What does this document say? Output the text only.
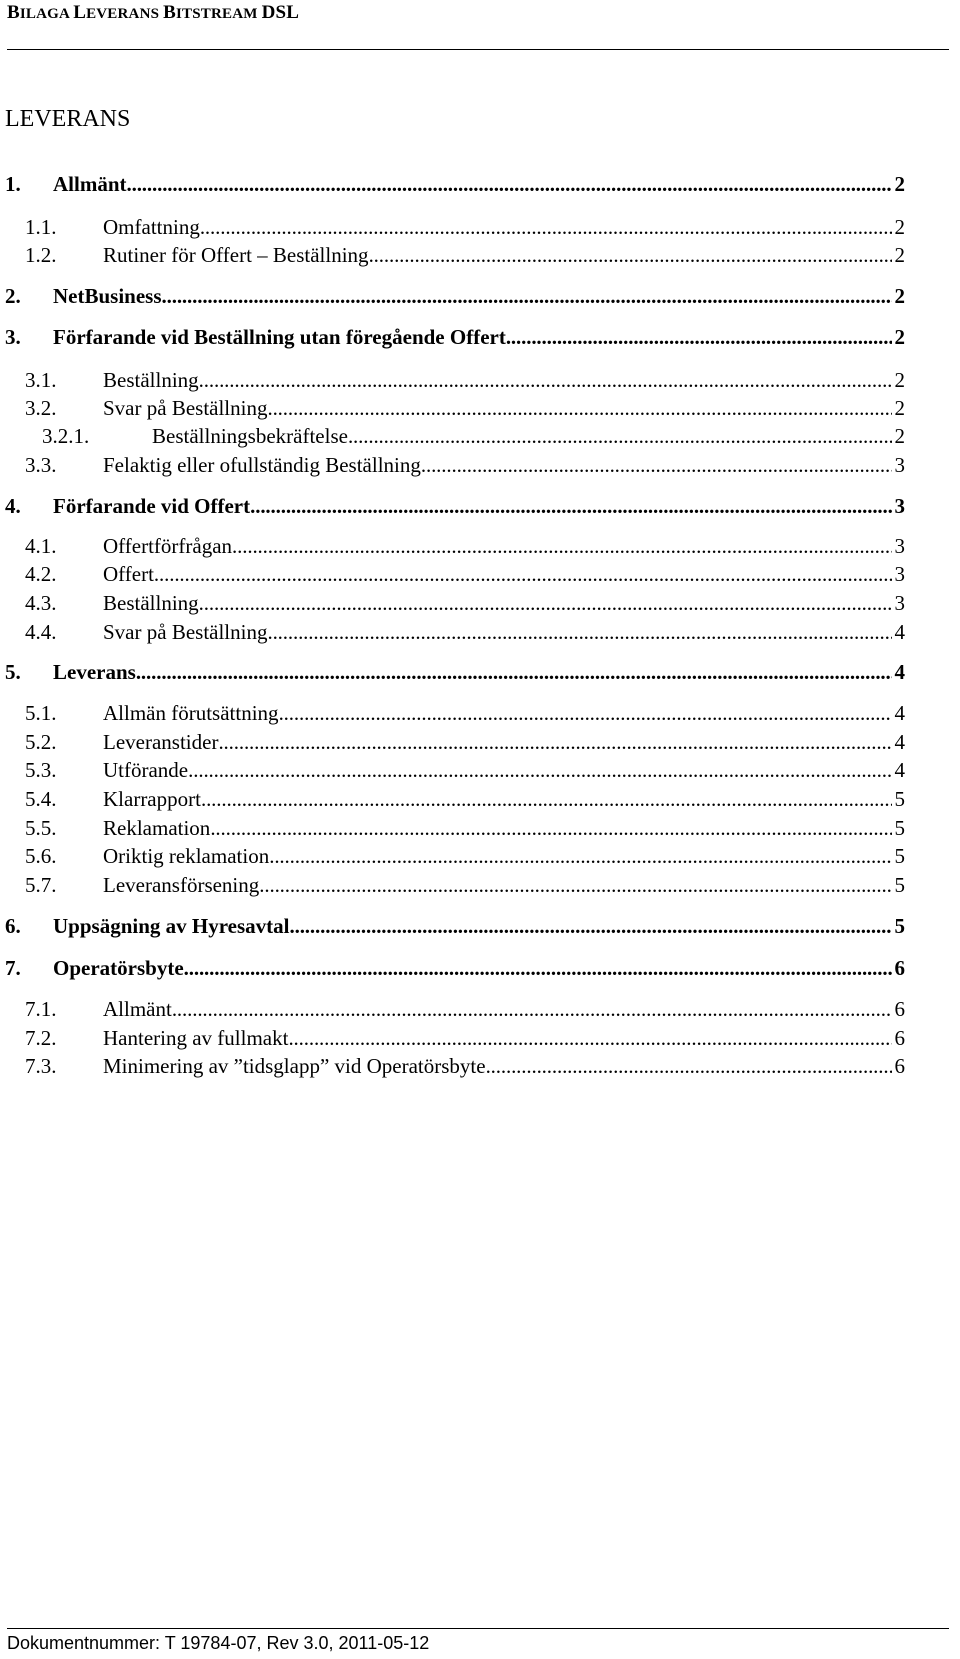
BILAGA LEVERANS BITSTREAM DSL
LEVERANS
1.	Allmänt . . .	2
1.1.	Omfattning . . .	2
1.2.	Rutiner för Offert – Beställning . . .	2
2.	NetBusiness . . .	2
3.	Förfarande vid Beställning utan föregående Offert . . .	2
3.1.	Beställning . . .	2
3.2.	Svar på Beställning . . .	2
3.2.1.	Beställningsbekräftelse . . .	2
3.3.	Felaktig eller ofullständig Beställning . . .	3
4.	Förfarande vid Offert . . .	3
4.1.	Offertförfrågan . . .	3
4.2.	Offert . . .	3
4.3.	Beställning . . .	3
4.4.	Svar på Beställning . . .	4
5.	Leverans . . .	4
5.1.	Allmän förutsättning . . .	4
5.2.	Leveranstider . . .	4
5.3.	Utförande . . .	4
5.4.	Klarrapport . . .	5
5.5.	Reklamation . . .	5
5.6.	Oriktig reklamation . . .	5
5.7.	Leveransförsening . . .	5
6.	Uppsägning av Hyresavtal . . .	5
7.	Operatörsbyte . . .	6
7.1.	Allmänt . . .	6
7.2.	Hantering av fullmakt . . .	6
7.3.	Minimering av ”tidsglapp” vid Operatörsbyte . . .	6
Dokumentnummer: T 19784-07, Rev 3.0, 2011-05-12
